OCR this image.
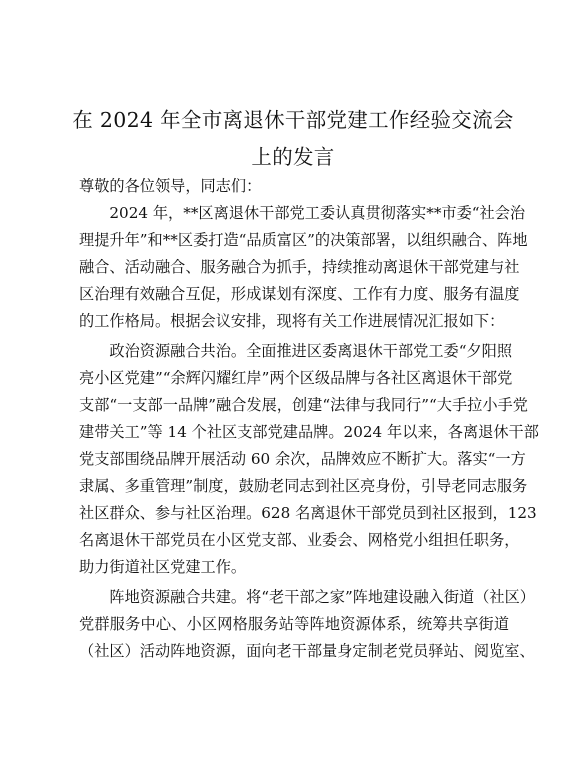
在 2024 年全市离退休干部党建工作经验交流会
上的发言
尊敬的各位领导，同志们：
　　2024 年，**区离退休干部党工委认真贯彻落实**市委“社会治
理提升年”和**区委打造“品质富区”的决策部署，以组织融合、阵地
融合、活动融合、服务融合为抓手，持续推动离退休干部党建与社
区治理有效融合互促，形成谋划有深度、工作有力度、服务有温度
的工作格局。根据会议安排，现将有关工作进展情况汇报如下：
　　政治资源融合共治。全面推进区委离退休干部党工委“夕阳照
亮小区党建”“余辉闪耀红岸”两个区级品牌与各社区离退休干部党
支部“一支部一品牌”融合发展，创建“法律与我同行”“大手拉小手党
建带关工”等 14 个社区支部党建品牌。2024 年以来，各离退休干部
党支部围绕品牌开展活动 60 余次，品牌效应不断扩大。落实“一方
隶属、多重管理”制度，鼓励老同志到社区亮身份，引导老同志服务
社区群众、参与社区治理。628 名离退休干部党员到社区报到，123
名离退休干部党员在小区党支部、业委会、网格党小组担任职务，
助力街道社区党建工作。
　　阵地资源融合共建。将“老干部之家”阵地建设融入街道（社区）
党群服务中心、小区网格服务站等阵地资源体系，统筹共享街道
（社区）活动阵地资源，面向老干部量身定制老党员驿站、阅览室、
